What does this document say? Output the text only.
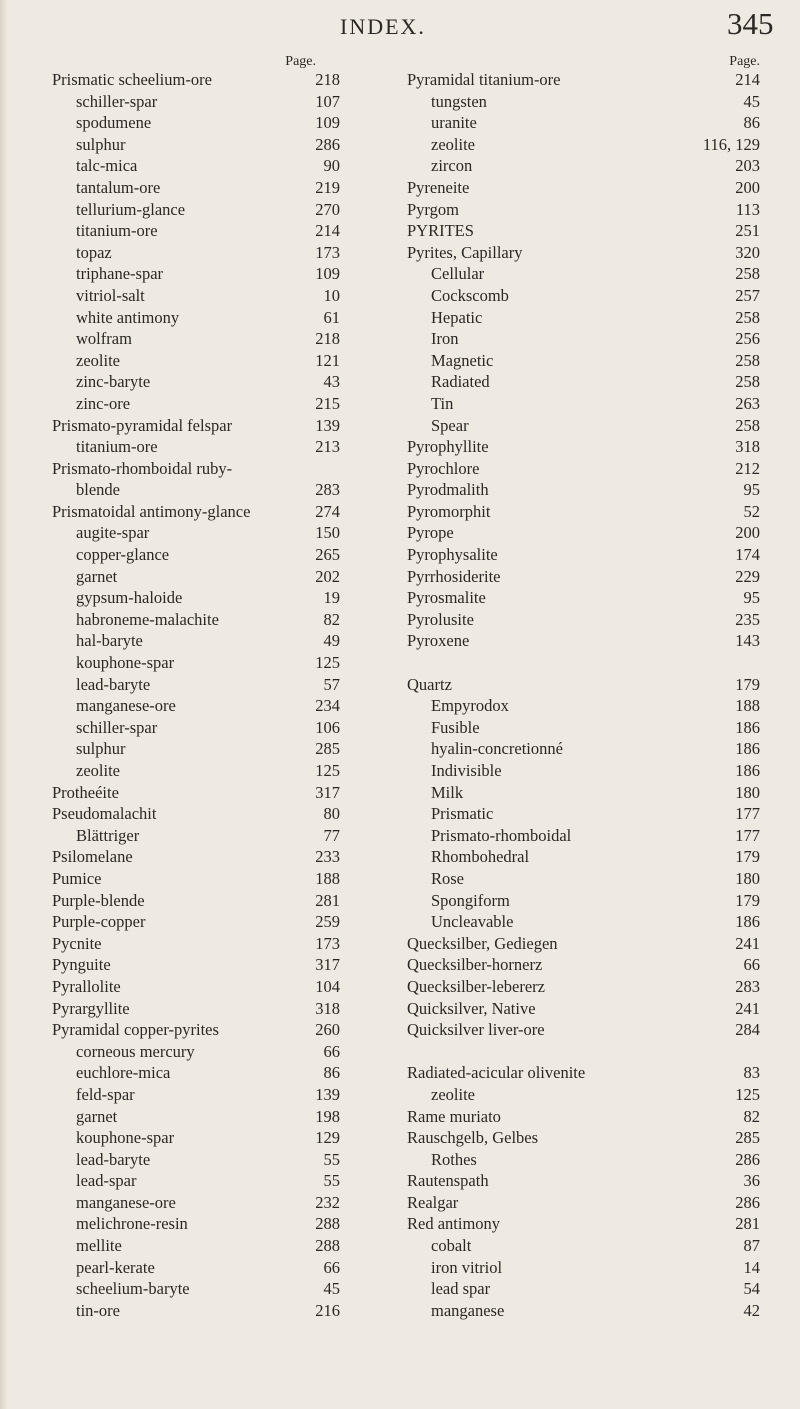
INDEX.	345
Page.
Prismatic scheelium-ore	218
schiller-spar	107
spodumene	109
sulphur	286
talc-mica	90
tantalum-ore	219
tellurium-glance	270
titanium-ore	214
topaz	173
triphane-spar	109
vitriol-salt	10
white antimony	61
wolfram	218
zeolite	121
zinc-baryte	43
zinc-ore	215
Prismato-pyramidal felspar	139
titanium-ore	213
Prismato-rhomboidal ruby-
blende	283
Prismatoidal antimony-glance	274
augite-spar	150
copper-glance	265
garnet	202
gypsum-haloide	19
habroneme-malachite	82
hal-baryte	49
kouphone-spar	125
lead-baryte	57
manganese-ore	234
schiller-spar	106
sulphur	285
zeolite	125
Protheéite	317
Pseudomalachit	80
Blättriger	77
Psilomelane	233
Pumice	188
Purple-blende	281
Purple-copper	259
Pycnite	173
Pynguite	317
Pyrallolite	104
Pyrargyllite	318
Pyramidal copper-pyrites	260
corneous mercury	66
euchlore-mica	86
feld-spar	139
garnet	198
kouphone-spar	129
lead-baryte	55
lead-spar	55
manganese-ore	232
melichrone-resin	288
mellite	288
pearl-kerate	66
scheelium-baryte	45
tin-ore	216
Page.
Pyramidal titanium-ore	214
tungsten	45
uranite	86
zeolite	116, 129
zircon	203
Pyreneite	200
Pyrgom	113
PYRITES	251
Pyrites, Capillary	320
Cellular	258
Cockscomb	257
Hepatic	258
Iron	256
Magnetic	258
Radiated	258
Tin	263
Spear	258
Pyrophyllite	318
Pyrochlore	212
Pyrodmalith	95
Pyromorphit	52
Pyrope	200
Pyrophysalite	174
Pyrrhosiderite	229
Pyrosmalite	95
Pyrolusite	235
Pyroxene	143
Quartz	179
Empyrodox	188
Fusible	186
hyalin-concretionné	186
Indivisible	186
Milk	180
Prismatic	177
Prismato-rhomboidal	177
Rhombohedral	179
Rose	180
Spongiform	179
Uncleavable	186
Quecksilber, Gediegen	241
Quecksilber-hornerz	66
Quecksilber-lebererz	283
Quicksilver, Native	241
Quicksilver liver-ore	284
Radiated-acicular olivenite	83
zeolite	125
Rame muriato	82
Rauschgelb, Gelbes	285
Rothes	286
Rautenspath	36
Realgar	286
Red antimony	281
cobalt	87
iron vitriol	14
lead spar	54
manganese	42
